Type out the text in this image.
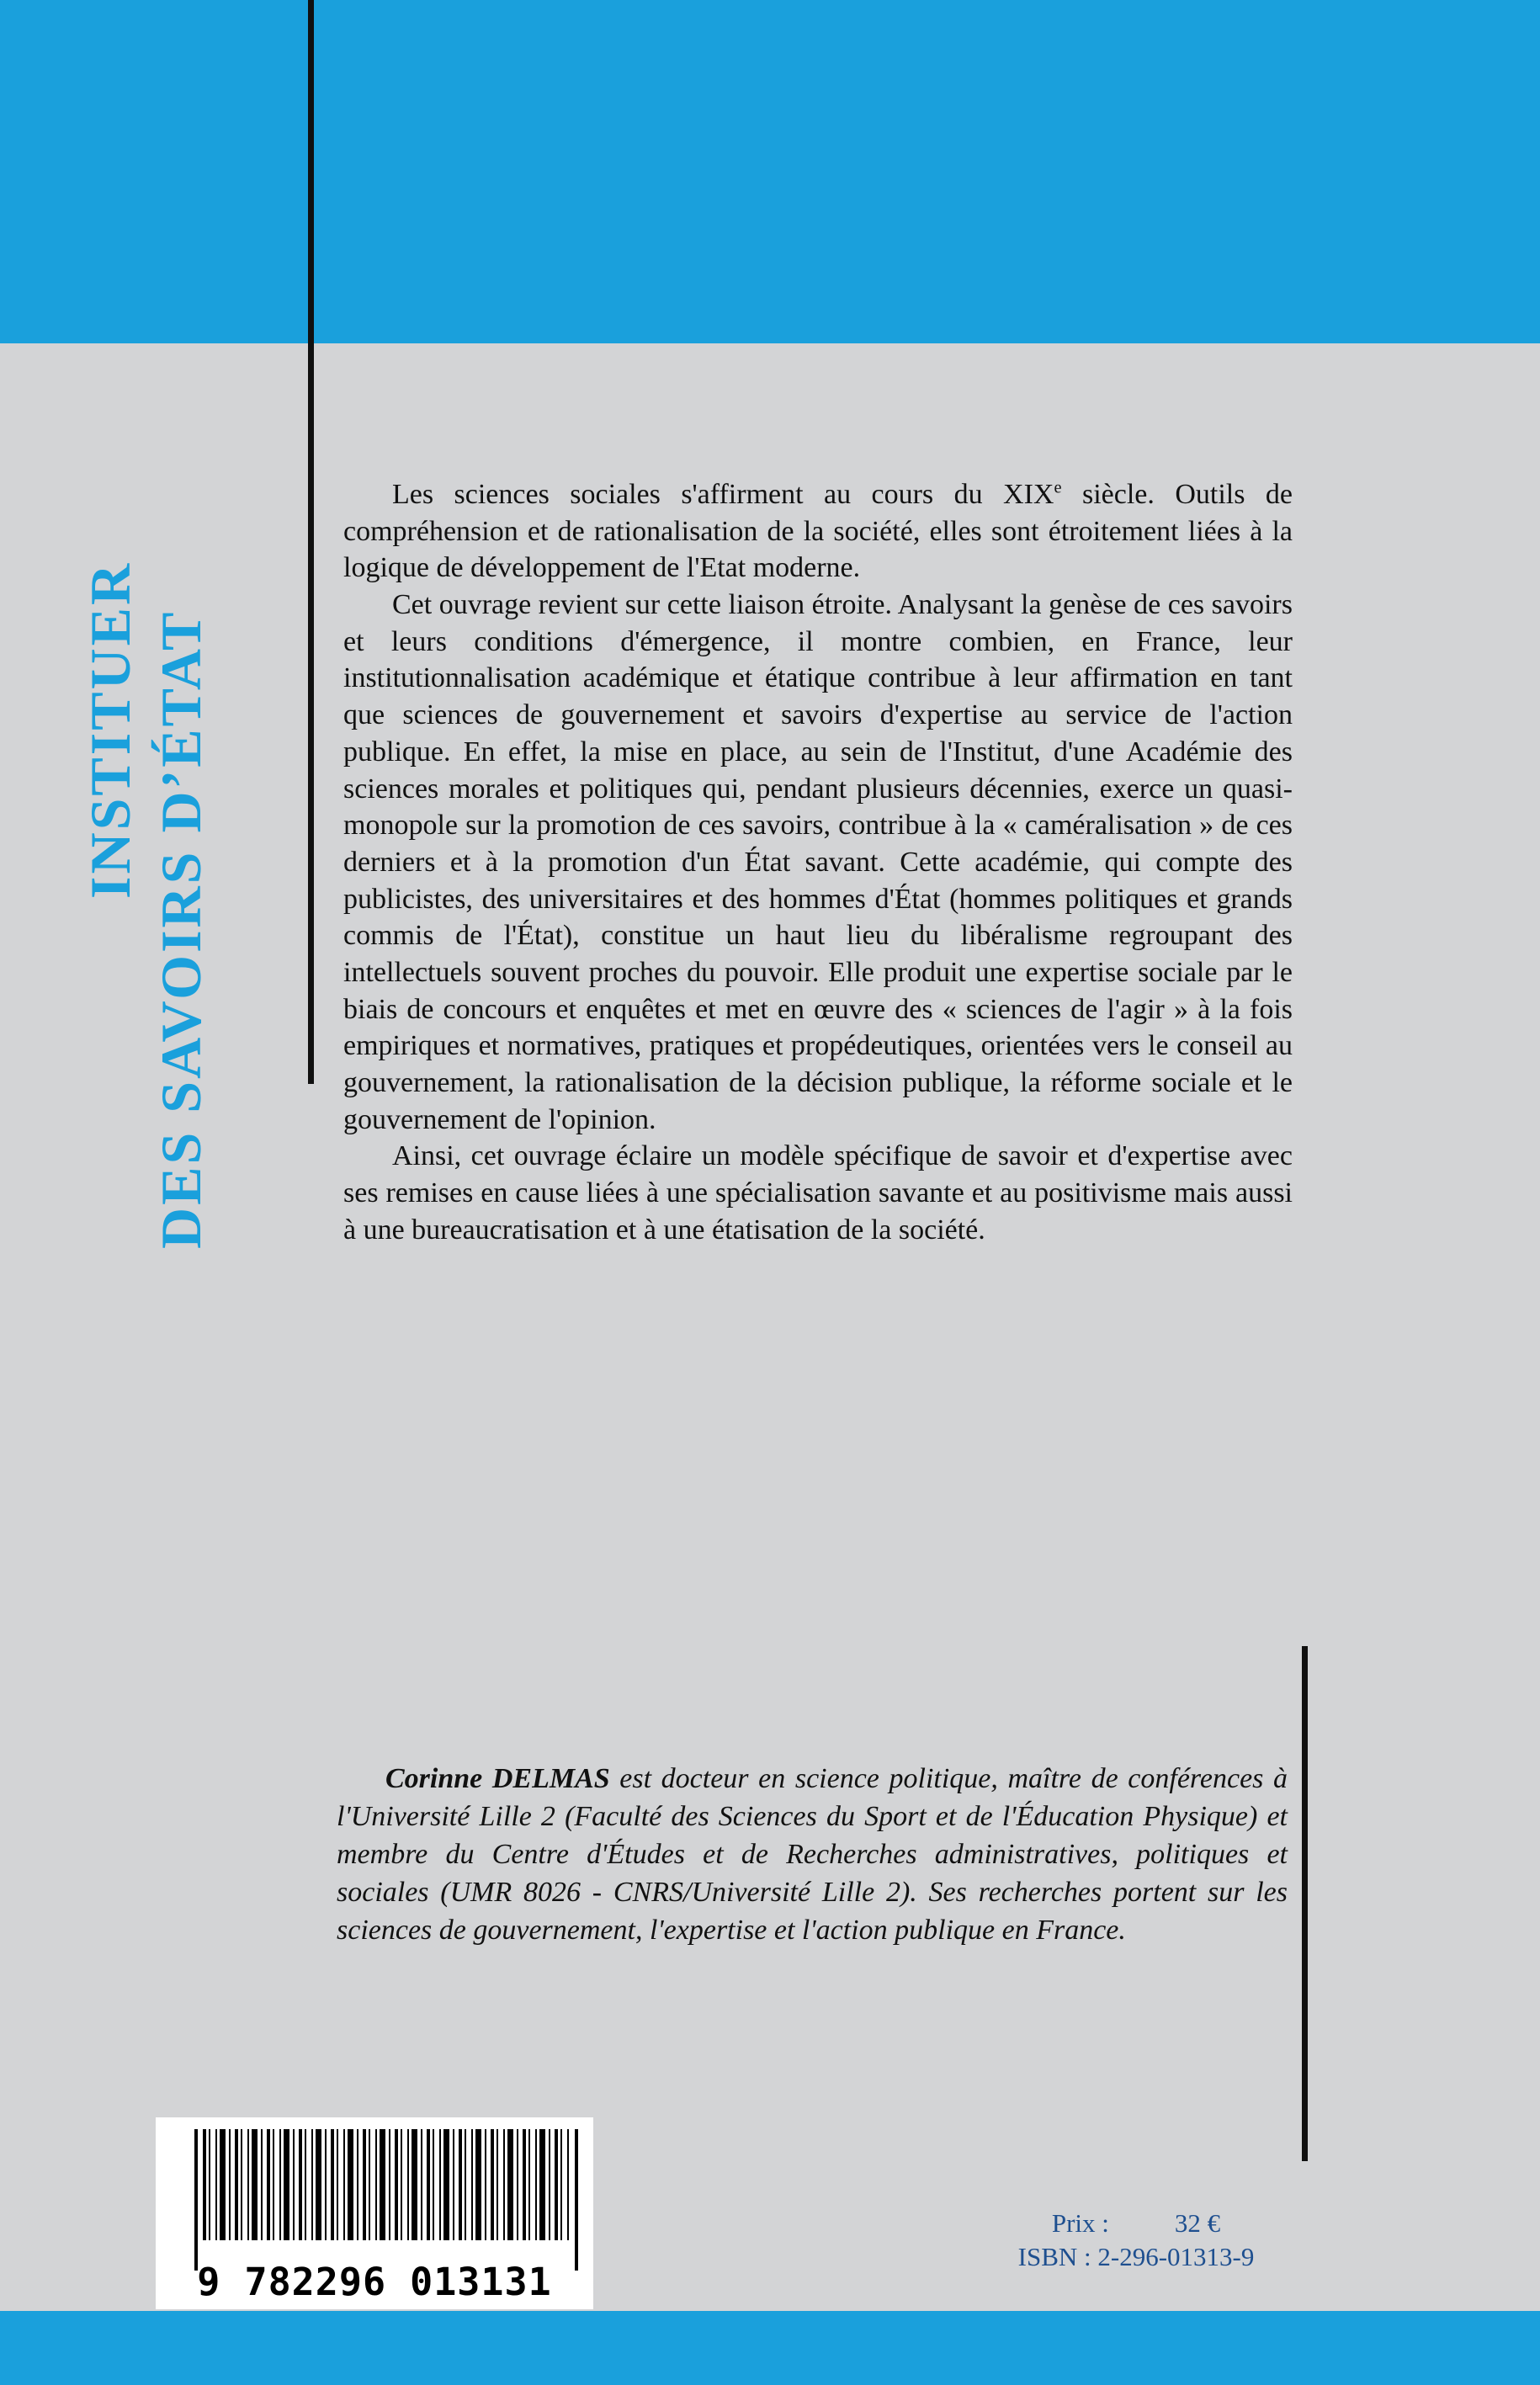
INSTITUER DES SAVOIRS D’ÉTAT

Les sciences sociales s'affirment au cours du XIXe siècle. Outils de compréhension et de rationalisation de la société, elles sont étroitement liées à la logique de développement de l'Etat moderne.

Cet ouvrage revient sur cette liaison étroite. Analysant la genèse de ces savoirs et leurs conditions d'émergence, il montre combien, en France, leur institutionnalisation académique et étatique contribue à leur affirmation en tant que sciences de gouvernement et savoirs d'expertise au service de l'action publique. En effet, la mise en place, au sein de l'Institut, d'une Académie des sciences morales et politiques qui, pendant plusieurs décennies, exerce un quasi-monopole sur la promotion de ces savoirs, contribue à la « caméralisation » de ces derniers et à la promotion d'un État savant. Cette académie, qui compte des publicistes, des universitaires et des hommes d'État (hommes politiques et grands commis de l'État), constitue un haut lieu du libéralisme regroupant des intellectuels souvent proches du pouvoir. Elle produit une expertise sociale par le biais de concours et enquêtes et met en œuvre des « sciences de l'agir » à la fois empiriques et normatives, pratiques et propédeutiques, orientées vers le conseil au gouvernement, la rationalisation de la décision publique, la réforme sociale et le gouvernement de l'opinion.

Ainsi, cet ouvrage éclaire un modèle spécifique de savoir et d'expertise avec ses remises en cause liées à une spécialisation savante et au positivisme mais aussi à une bureaucratisation et à une étatisation de la société.

Corinne DELMAS est docteur en science politique, maître de conférences à l'Université Lille 2 (Faculté des Sciences du Sport et de l'Éducation Physique) et membre du Centre d'Études et de Recherches administratives, politiques et sociales (UMR 8026 - CNRS/Université Lille 2). Ses recherches portent sur les sciences de gouvernement, l'expertise et l'action publique en France.

9 782296 013131
Prix :	32 €
ISBN : 2-296-01313-9
